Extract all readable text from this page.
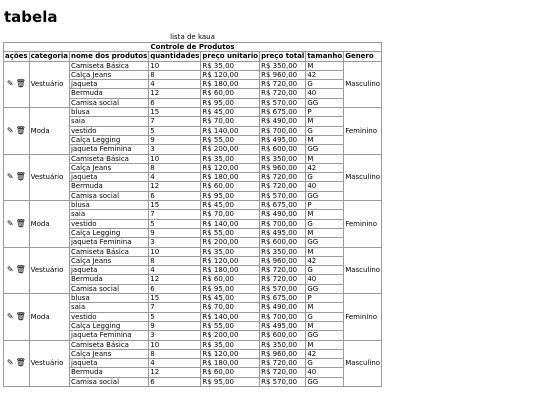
tabela
lista de kaua
Controle de Produtos							
ações	categoria	nome dos produtos	quantidades	preço unitario	preço total	tamanho	Genero
✎ 🗑	Vestuário	Camiseta Básica	10	R$ 35,00	R$ 350,00	M	Masculino
		Calça Jeans	8	R$ 120,00	R$ 960,00	42	
		jaqueta	4	R$ 180,00	R$ 720,00	G	
		Bermuda	12	R$ 60,00	R$ 720,00	40	
		Camisa social	6	R$ 95,00	R$ 570,00	GG	
✎ 🗑	Moda	blusa	15	R$ 45,00	R$ 675,00	P	Feminino
		saia	7	R$ 70,00	R$ 490,00	M	
		vestido	5	R$ 140,00	R$ 700,00	G	
		Calça Legging	9	R$ 55,00	R$ 495,00	M	
		jaqueta Feminina	3	R$ 200,00	R$ 600,00	GG	
✎ 🗑	Vestuário	Camiseta Básica	10	R$ 35,00	R$ 350,00	M	Masculino
		Calça Jeans	8	R$ 120,00	R$ 960,00	42	
		jaqueta	4	R$ 180,00	R$ 720,00	G	
		Bermuda	12	R$ 60,00	R$ 720,00	40	
		Camisa social	6	R$ 95,00	R$ 570,00	GG	
✎ 🗑	Moda	blusa	15	R$ 45,00	R$ 675,00	P	Feminino
		saia	7	R$ 70,00	R$ 490,00	M	
		vestido	5	R$ 140,00	R$ 700,00	G	
		Calça Legging	9	R$ 55,00	R$ 495,00	M	
		jaqueta Feminina	3	R$ 200,00	R$ 600,00	GG	
✎ 🗑	Vestuário	Camiseta Básica	10	R$ 35,00	R$ 350,00	M	Masculino
		Calça Jeans	8	R$ 120,00	R$ 960,00	42	
		jaqueta	4	R$ 180,00	R$ 720,00	G	
		Bermuda	12	R$ 60,00	R$ 720,00	40	
		Camisa social	6	R$ 95,00	R$ 570,00	GG	
✎ 🗑	Moda	blusa	15	R$ 45,00	R$ 675,00	P	Feminino
		saia	7	R$ 70,00	R$ 490,00	M	
		vestido	5	R$ 140,00	R$ 700,00	G	
		Calça Legging	9	R$ 55,00	R$ 495,00	M	
		jaqueta Feminina	3	R$ 200,00	R$ 600,00	GG	
✎ 🗑	Vestuário	Camiseta Básica	10	R$ 35,00	R$ 350,00	M	Masculino
		Calça Jeans	8	R$ 120,00	R$ 960,00	42	
		jaqueta	4	R$ 180,00	R$ 720,00	G	
		Bermuda	12	R$ 60,00	R$ 720,00	40	
		Camisa social	6	R$ 95,00	R$ 570,00	GG	
